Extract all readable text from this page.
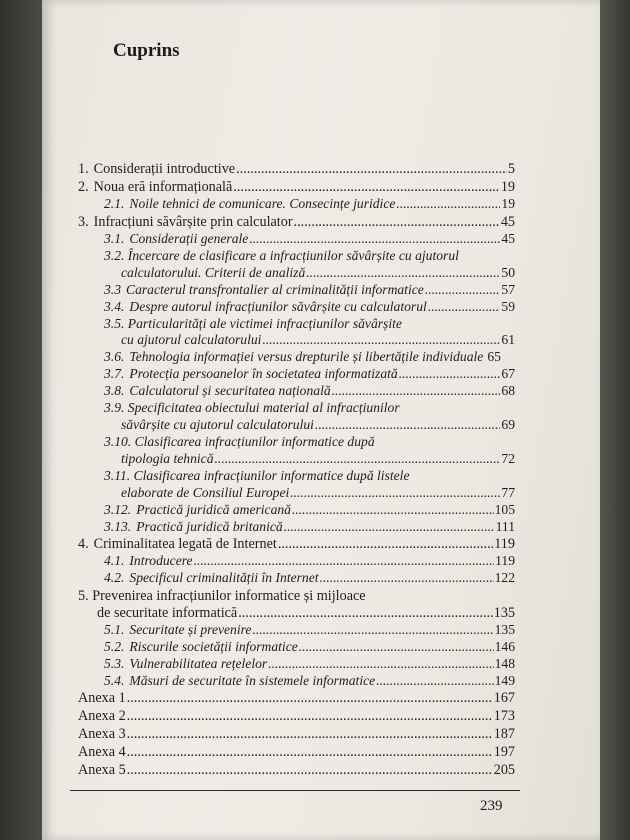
Cuprins
1. Considerații introductive .....	5
2. Noua eră informațională .....	19
2.1. Noile tehnici de comunicare. Consecințe juridice .....	19
3. Infracțiuni săvârșite prin calculator .....	45
3.1. Considerații generale .....	45
3.2. Încercare de clasificare a infracțiunilor săvârșite cu ajutorul
calculatorului. Criterii de analiză .....	50
3.3 Caracterul transfrontalier al criminalității informatice .....	57
3.4. Despre autorul infracțiunilor săvârșite cu calculatorul .....	59
3.5. Particularități ale victimei infracțiunilor săvârșite
cu ajutorul calculatorului .....	61
3.6. Tehnologia informației versus drepturile și libertățile individuale 65
3.7. Protecția persoanelor în societatea informatizată .....	67
3.8. Calculatorul și securitatea națională .....	68
3.9. Specificitatea obiectului material al infracțiunilor
săvârșite cu ajutorul calculatorului .....	69
3.10. Clasificarea infracțiunilor informatice după
tipologia tehnică .....	72
3.11. Clasificarea infracțiunilor informatice după listele
elaborate de Consiliul Europei .....	77
3.12. Practică juridică americană .....	105
3.13. Practică juridică britanică .....	111
4. Criminalitatea legată de Internet .....	119
4.1. Introducere .....	119
4.2. Specificul criminalității în Internet .....	122
5. Prevenirea infracțiunilor informatice și mijloace
de securitate informatică .....	135
5.1. Securitate și prevenire .....	135
5.2. Riscurile societății informatice .....	146
5.3. Vulnerabilitatea rețelelor .....	148
5.4. Măsuri de securitate în sistemele informatice .....	149
Anexa 1 .....	167
Anexa 2 .....	173
Anexa 3 .....	187
Anexa 4 .....	197
Anexa 5 .....	205
239
